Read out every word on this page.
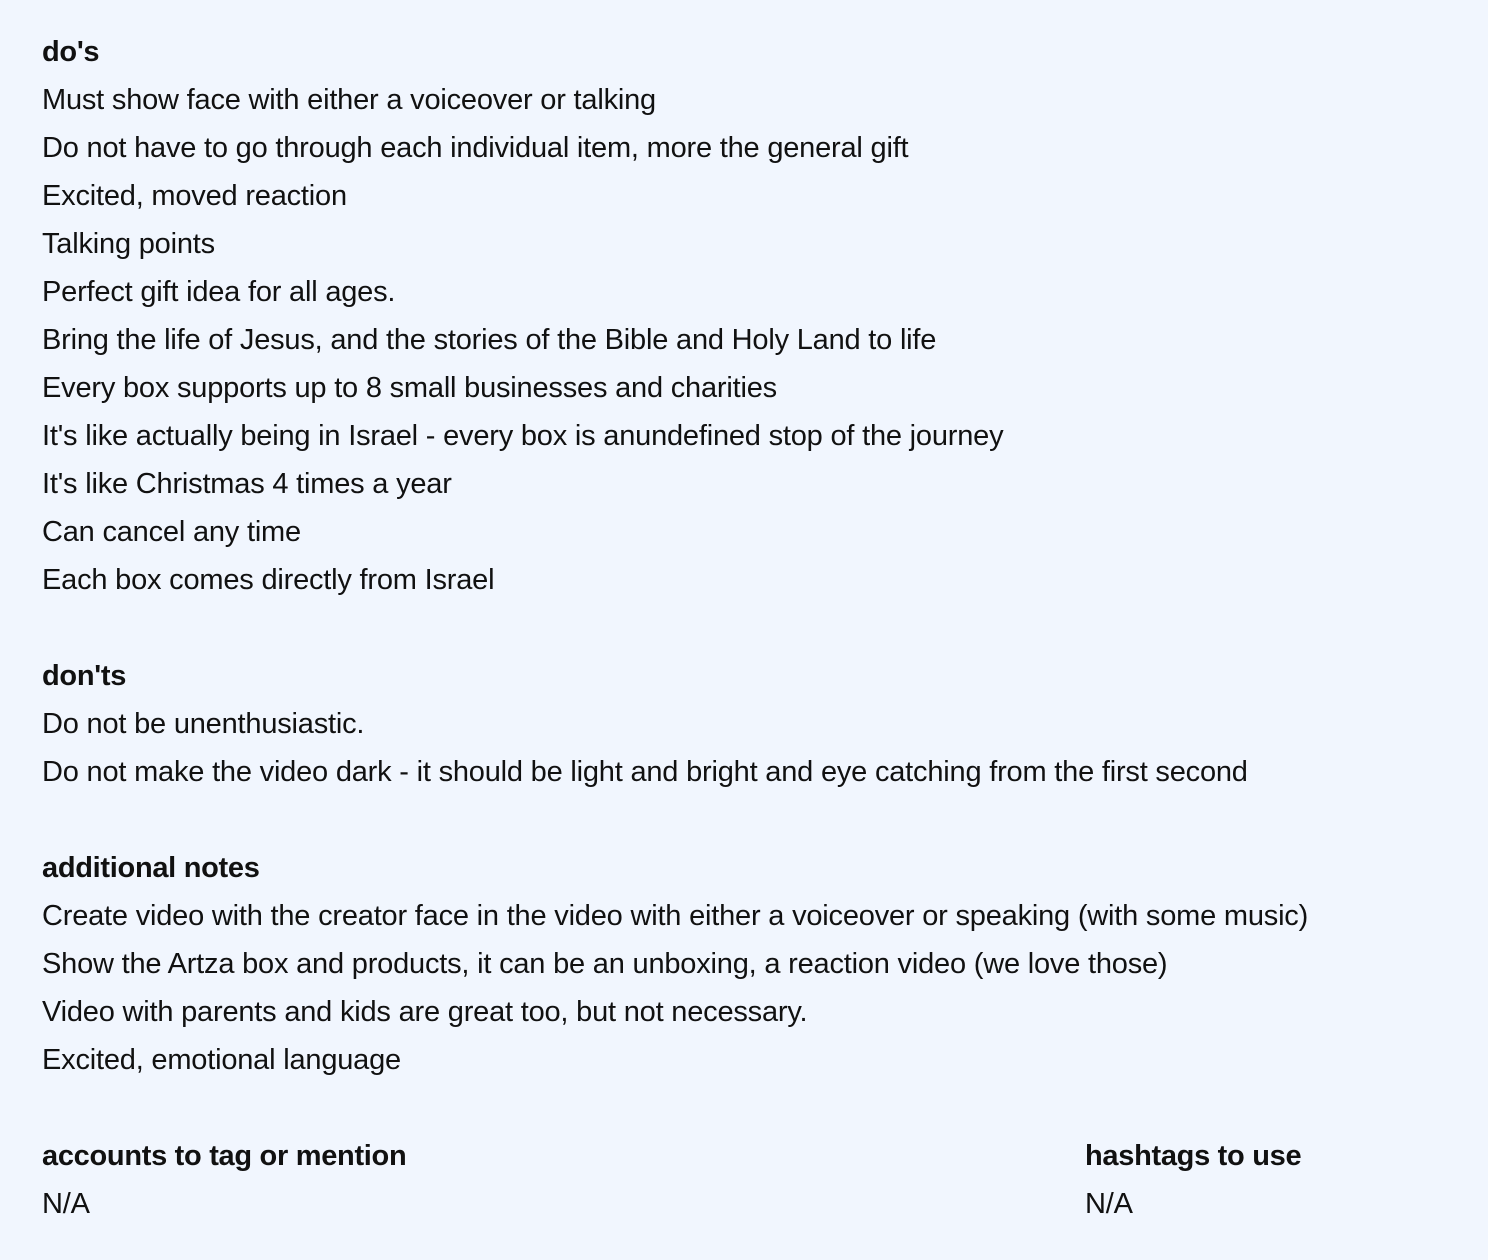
do's
Must show face with either a voiceover or talking
Do not have to go through each individual item, more the general gift
Excited, moved reaction
Talking points
Perfect gift idea for all ages.
Bring the life of Jesus, and the stories of the Bible and Holy Land to life
Every box supports up to 8 small businesses and charities
It's like actually being in Israel - every box is anundefined stop of the journey
It's like Christmas 4 times a year
Can cancel any time
Each box comes directly from Israel
don'ts
Do not be unenthusiastic.
Do not make the video dark - it should be light and bright and eye catching from the first second
additional notes
Create video with the creator face in the video with either a voiceover or speaking (with some music)
Show the Artza box and products, it can be an unboxing, a reaction video (we love those)
Video with parents and kids are great too, but not necessary.
Excited, emotional language
accounts to tag or mention
N/A
hashtags to use
N/A
